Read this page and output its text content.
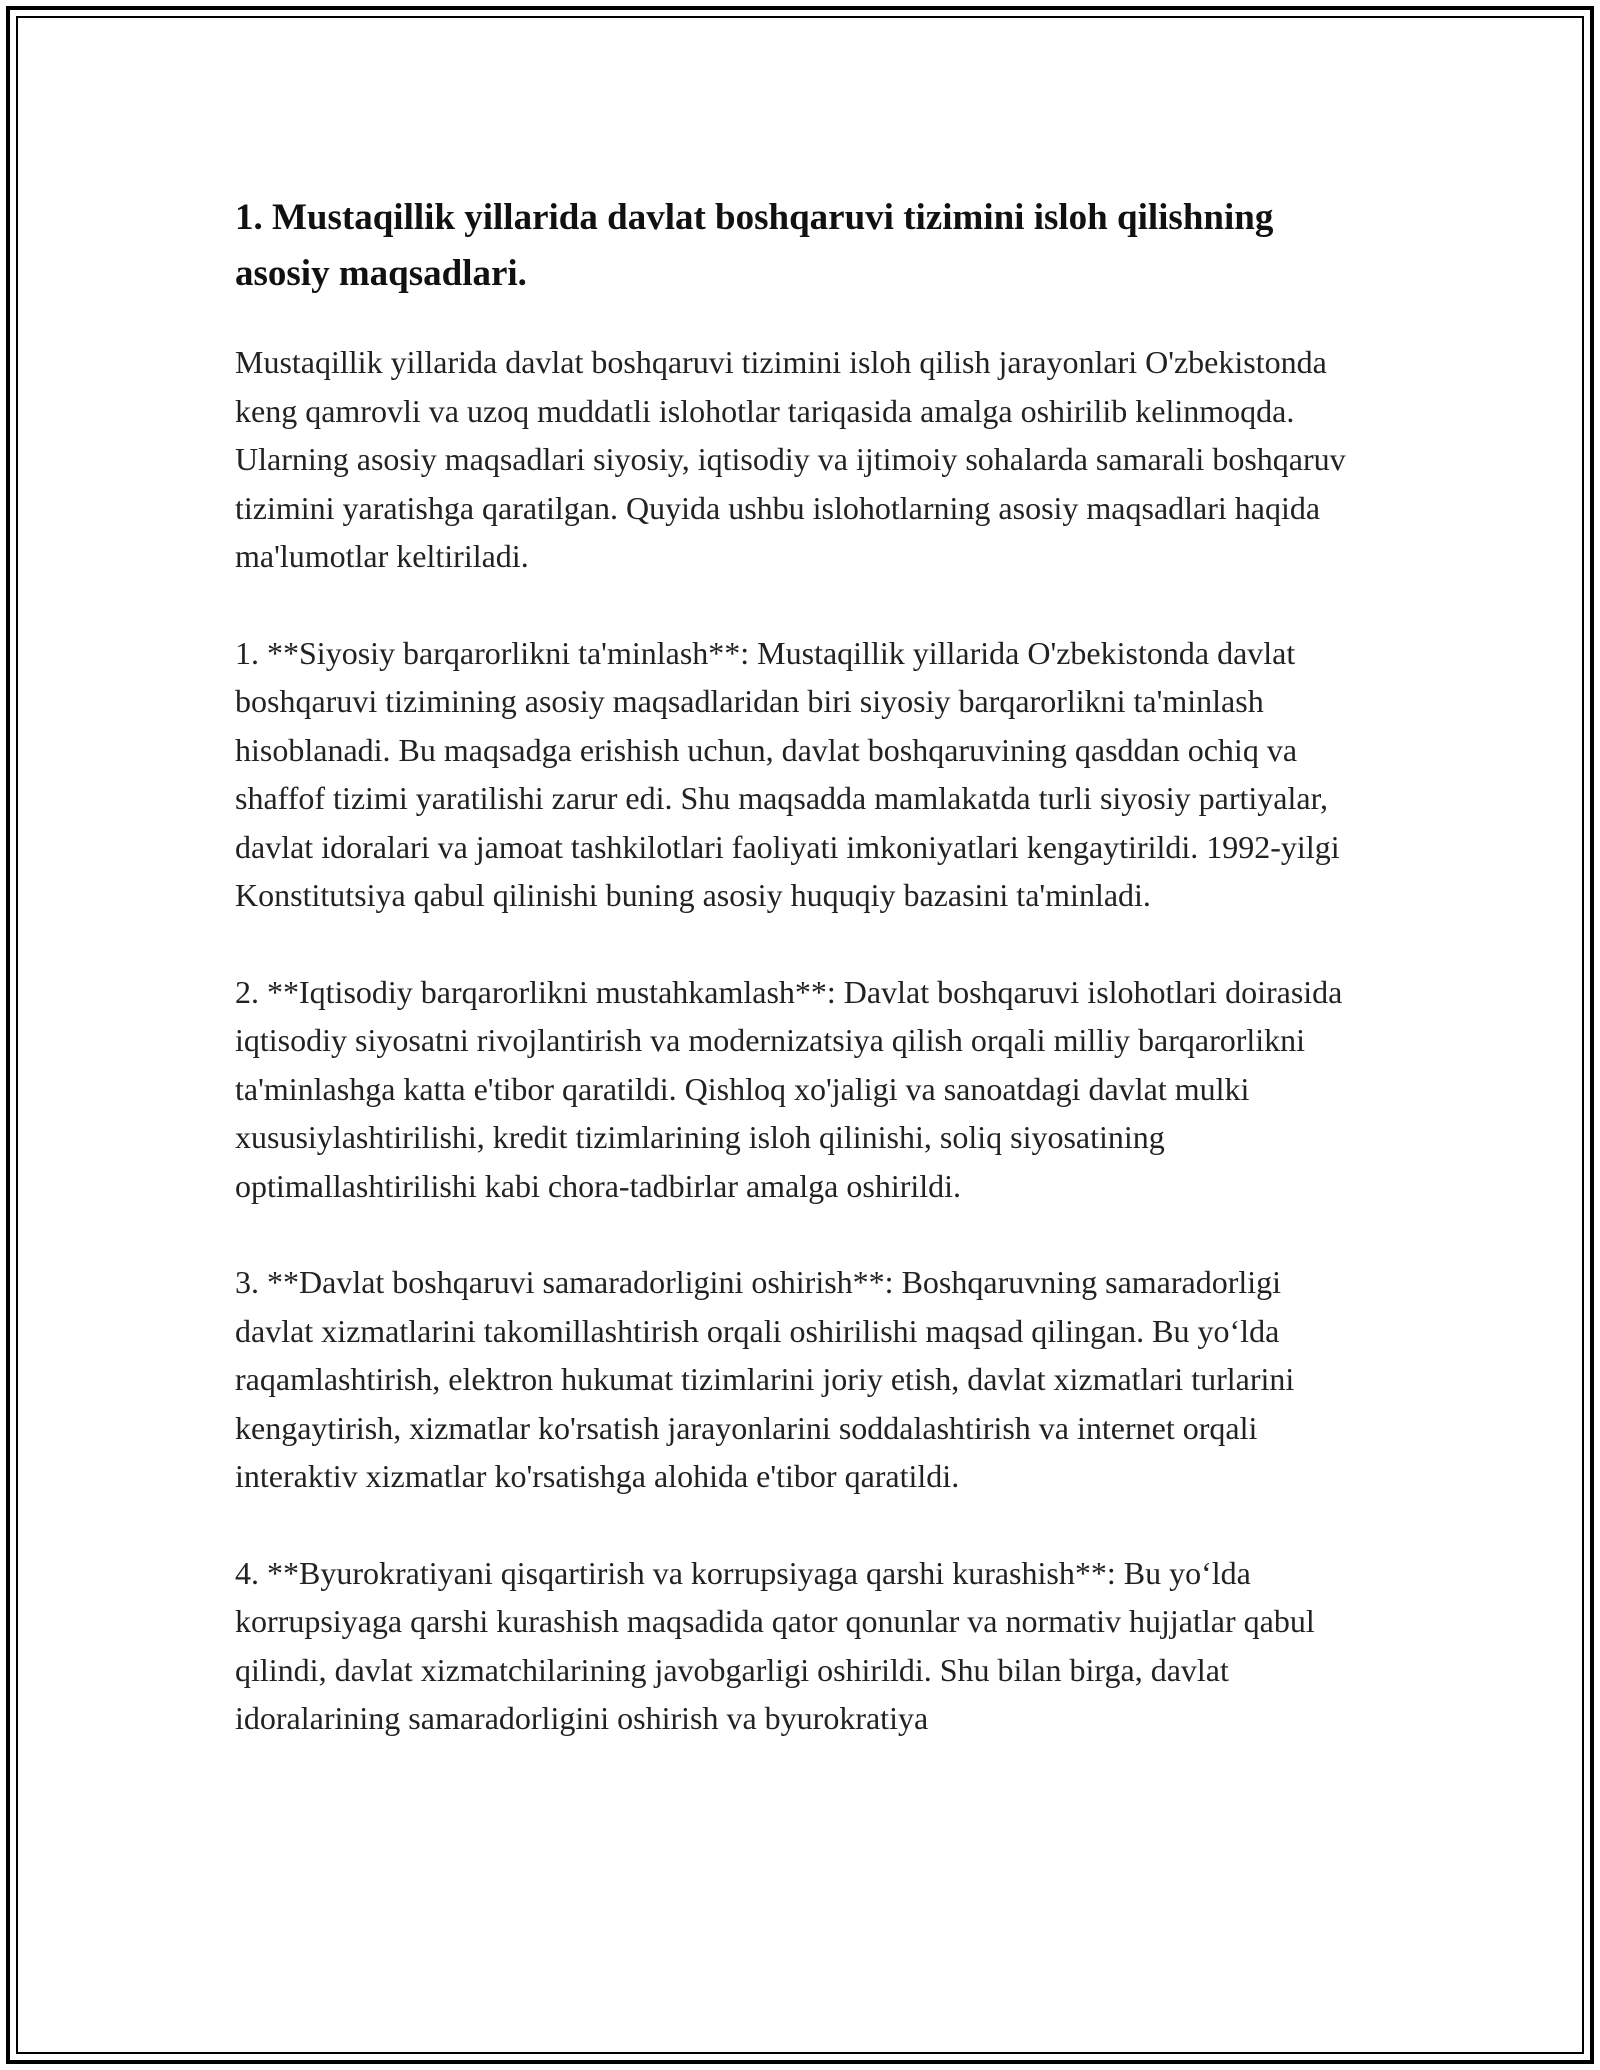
1. Mustaqillik yillarida davlat boshqaruvi tizimini isloh qilishning asosiy maqsadlari.

Mustaqillik yillarida davlat boshqaruvi tizimini isloh qilish jarayonlari O'zbekistonda keng qamrovli va uzoq muddatli islohotlar tariqasida amalga oshirilib kelinmoqda. Ularning asosiy maqsadlari siyosiy, iqtisodiy va ijtimoiy sohalarda samarali boshqaruv tizimini yaratishga qaratilgan. Quyida ushbu islohotlarning asosiy maqsadlari haqida ma'lumotlar keltiriladi.

1. **Siyosiy barqarorlikni ta'minlash**: Mustaqillik yillarida O'zbekistonda davlat boshqaruvi tizimining asosiy maqsadlaridan biri siyosiy barqarorlikni ta'minlash hisoblanadi. Bu maqsadga erishish uchun, davlat boshqaruvining qasddan ochiq va shaffof tizimi yaratilishi zarur edi. Shu maqsadda mamlakatda turli siyosiy partiyalar, davlat idoralari va jamoat tashkilotlari faoliyati imkoniyatlari kengaytirildi. 1992-yilgi Konstitutsiya qabul qilinishi buning asosiy huquqiy bazasini ta'minladi.

2. **Iqtisodiy barqarorlikni mustahkamlash**: Davlat boshqaruvi islohotlari doirasida iqtisodiy siyosatni rivojlantirish va modernizatsiya qilish orqali milliy barqarorlikni ta'minlashga katta e'tibor qaratildi. Qishloq xo'jaligi va sanoatdagi davlat mulki xususiylashtirilishi, kredit tizimlarining isloh qilinishi, soliq siyosatining optimallashtirilishi kabi chora-tadbirlar amalga oshirildi.

3. **Davlat boshqaruvi samaradorligini oshirish**: Boshqaruvning samaradorligi davlat xizmatlarini takomillashtirish orqali oshirilishi maqsad qilingan. Bu yo‘lda raqamlashtirish, elektron hukumat tizimlarini joriy etish, davlat xizmatlari turlarini kengaytirish, xizmatlar ko'rsatish jarayonlarini soddalashtirish va internet orqali interaktiv xizmatlar ko'rsatishga alohida e'tibor qaratildi.

4. **Byurokratiyani qisqartirish va korrupsiyaga qarshi kurashish**: Bu yo‘lda korrupsiyaga qarshi kurashish maqsadida qator qonunlar va normativ hujjatlar qabul qilindi, davlat xizmatchilarining javobgarligi oshirildi. Shu bilan birga, davlat idoralarining samaradorligini oshirish va byurokratiya
